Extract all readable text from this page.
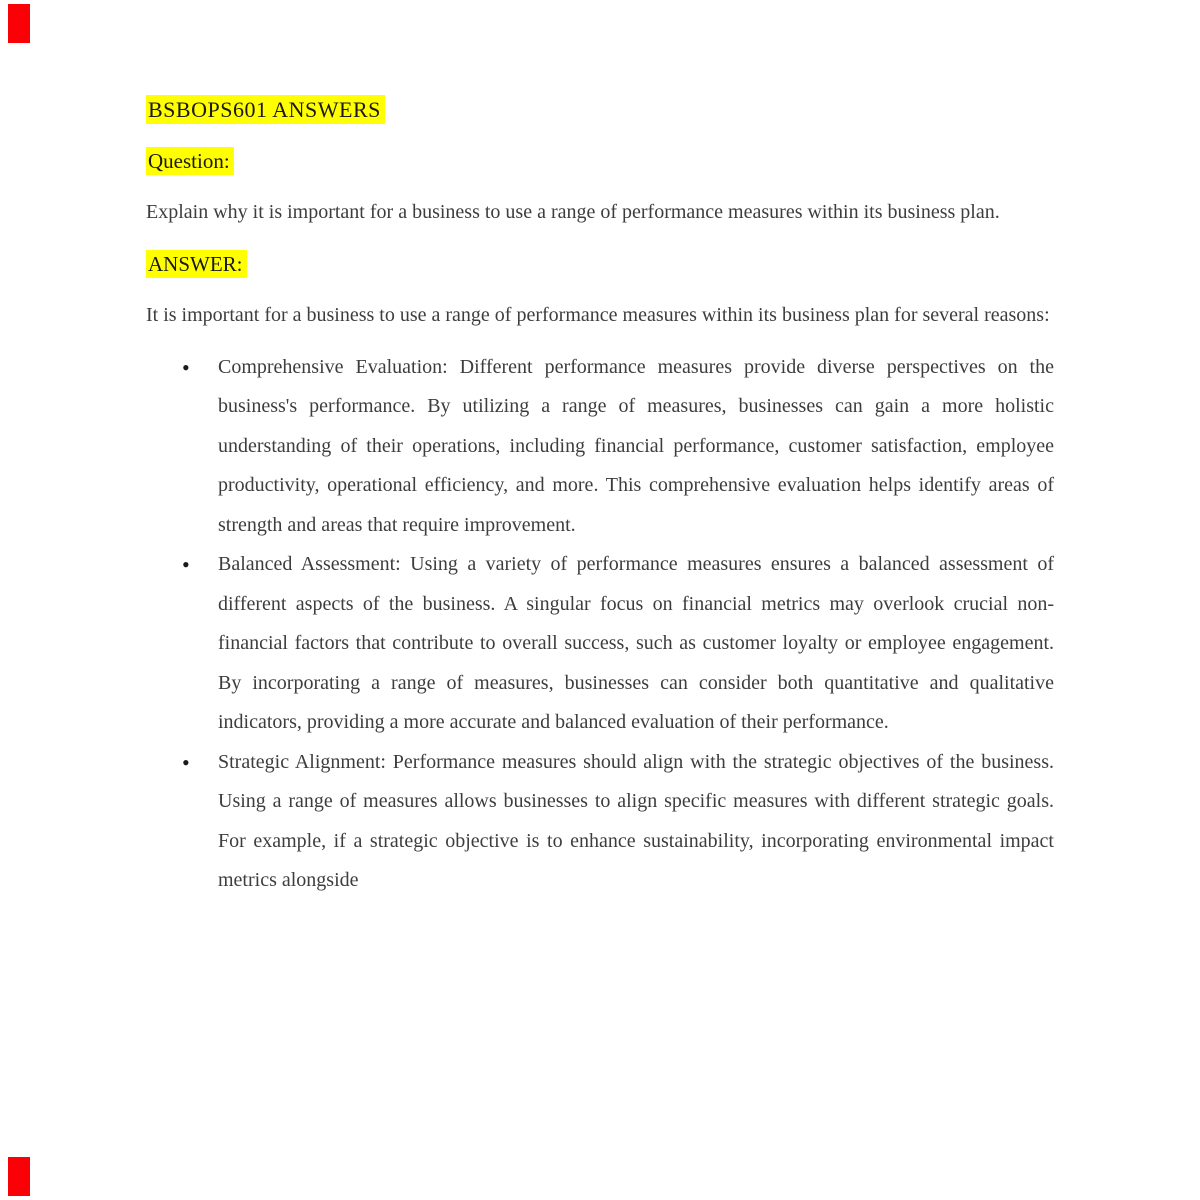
BSBOPS601 ANSWERS

Question:

Explain why it is important for a business to use a range of performance measures within its business plan.

ANSWER:

It is important for a business to use a range of performance measures within its business plan for several reasons:

• Comprehensive Evaluation: Different performance measures provide diverse perspectives on the business's performance. By utilizing a range of measures, businesses can gain a more holistic understanding of their operations, including financial performance, customer satisfaction, employee productivity, operational efficiency, and more. This comprehensive evaluation helps identify areas of strength and areas that require improvement.
• Balanced Assessment: Using a variety of performance measures ensures a balanced assessment of different aspects of the business. A singular focus on financial metrics may overlook crucial non-financial factors that contribute to overall success, such as customer loyalty or employee engagement. By incorporating a range of measures, businesses can consider both quantitative and qualitative indicators, providing a more accurate and balanced evaluation of their performance.
• Strategic Alignment: Performance measures should align with the strategic objectives of the business. Using a range of measures allows businesses to align specific measures with different strategic goals. For example, if a strategic objective is to enhance sustainability, incorporating environmental impact metrics alongside
